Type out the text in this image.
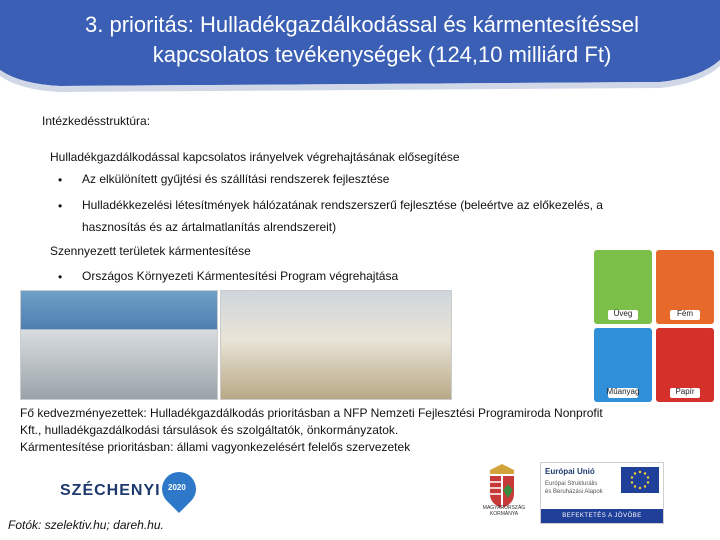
3. prioritás: Hulladékgazdálkodással és kármentesítéssel
kapcsolatos tevékenységek (124,10 milliárd Ft)
Intézkedésstruktúra:
Hulladékgazdálkodással kapcsolatos irányelvek végrehajtásának elősegítése
• Az elkülönített gyűjtési és szállítási rendszerek fejlesztése
• Hulladékkezelési létesítmények hálózatának rendszerszerű fejlesztése (beleértve az előkezelés, a
hasznosítás és az ártalmatlanítás alrendszereit)
Szennyezett területek kármentesítése
• Országos Környezeti Kármentesítési Program végrehajtása
Üveg	Fém
Műanyag	Papír
Fő kedvezményezettek: Hulladékgazdálkodás prioritásban a NFP Nemzeti Fejlesztési Programiroda Nonprofit
Kft., hulladékgazdálkodási társulások és szolgáltatók, önkormányzatok.
Kármentesítése prioritásban: állami vagyonkezelésért felelős szervezetek
SZÉCHENYI 2020
Fotók: szelektiv.hu; dareh.hu.
MAGYARORSZÁG KORMÁNYA
Európai Unió
Európai Strukturális
és Beruházási Alapok
BEFEKTETÉS A JÖVŐBE
